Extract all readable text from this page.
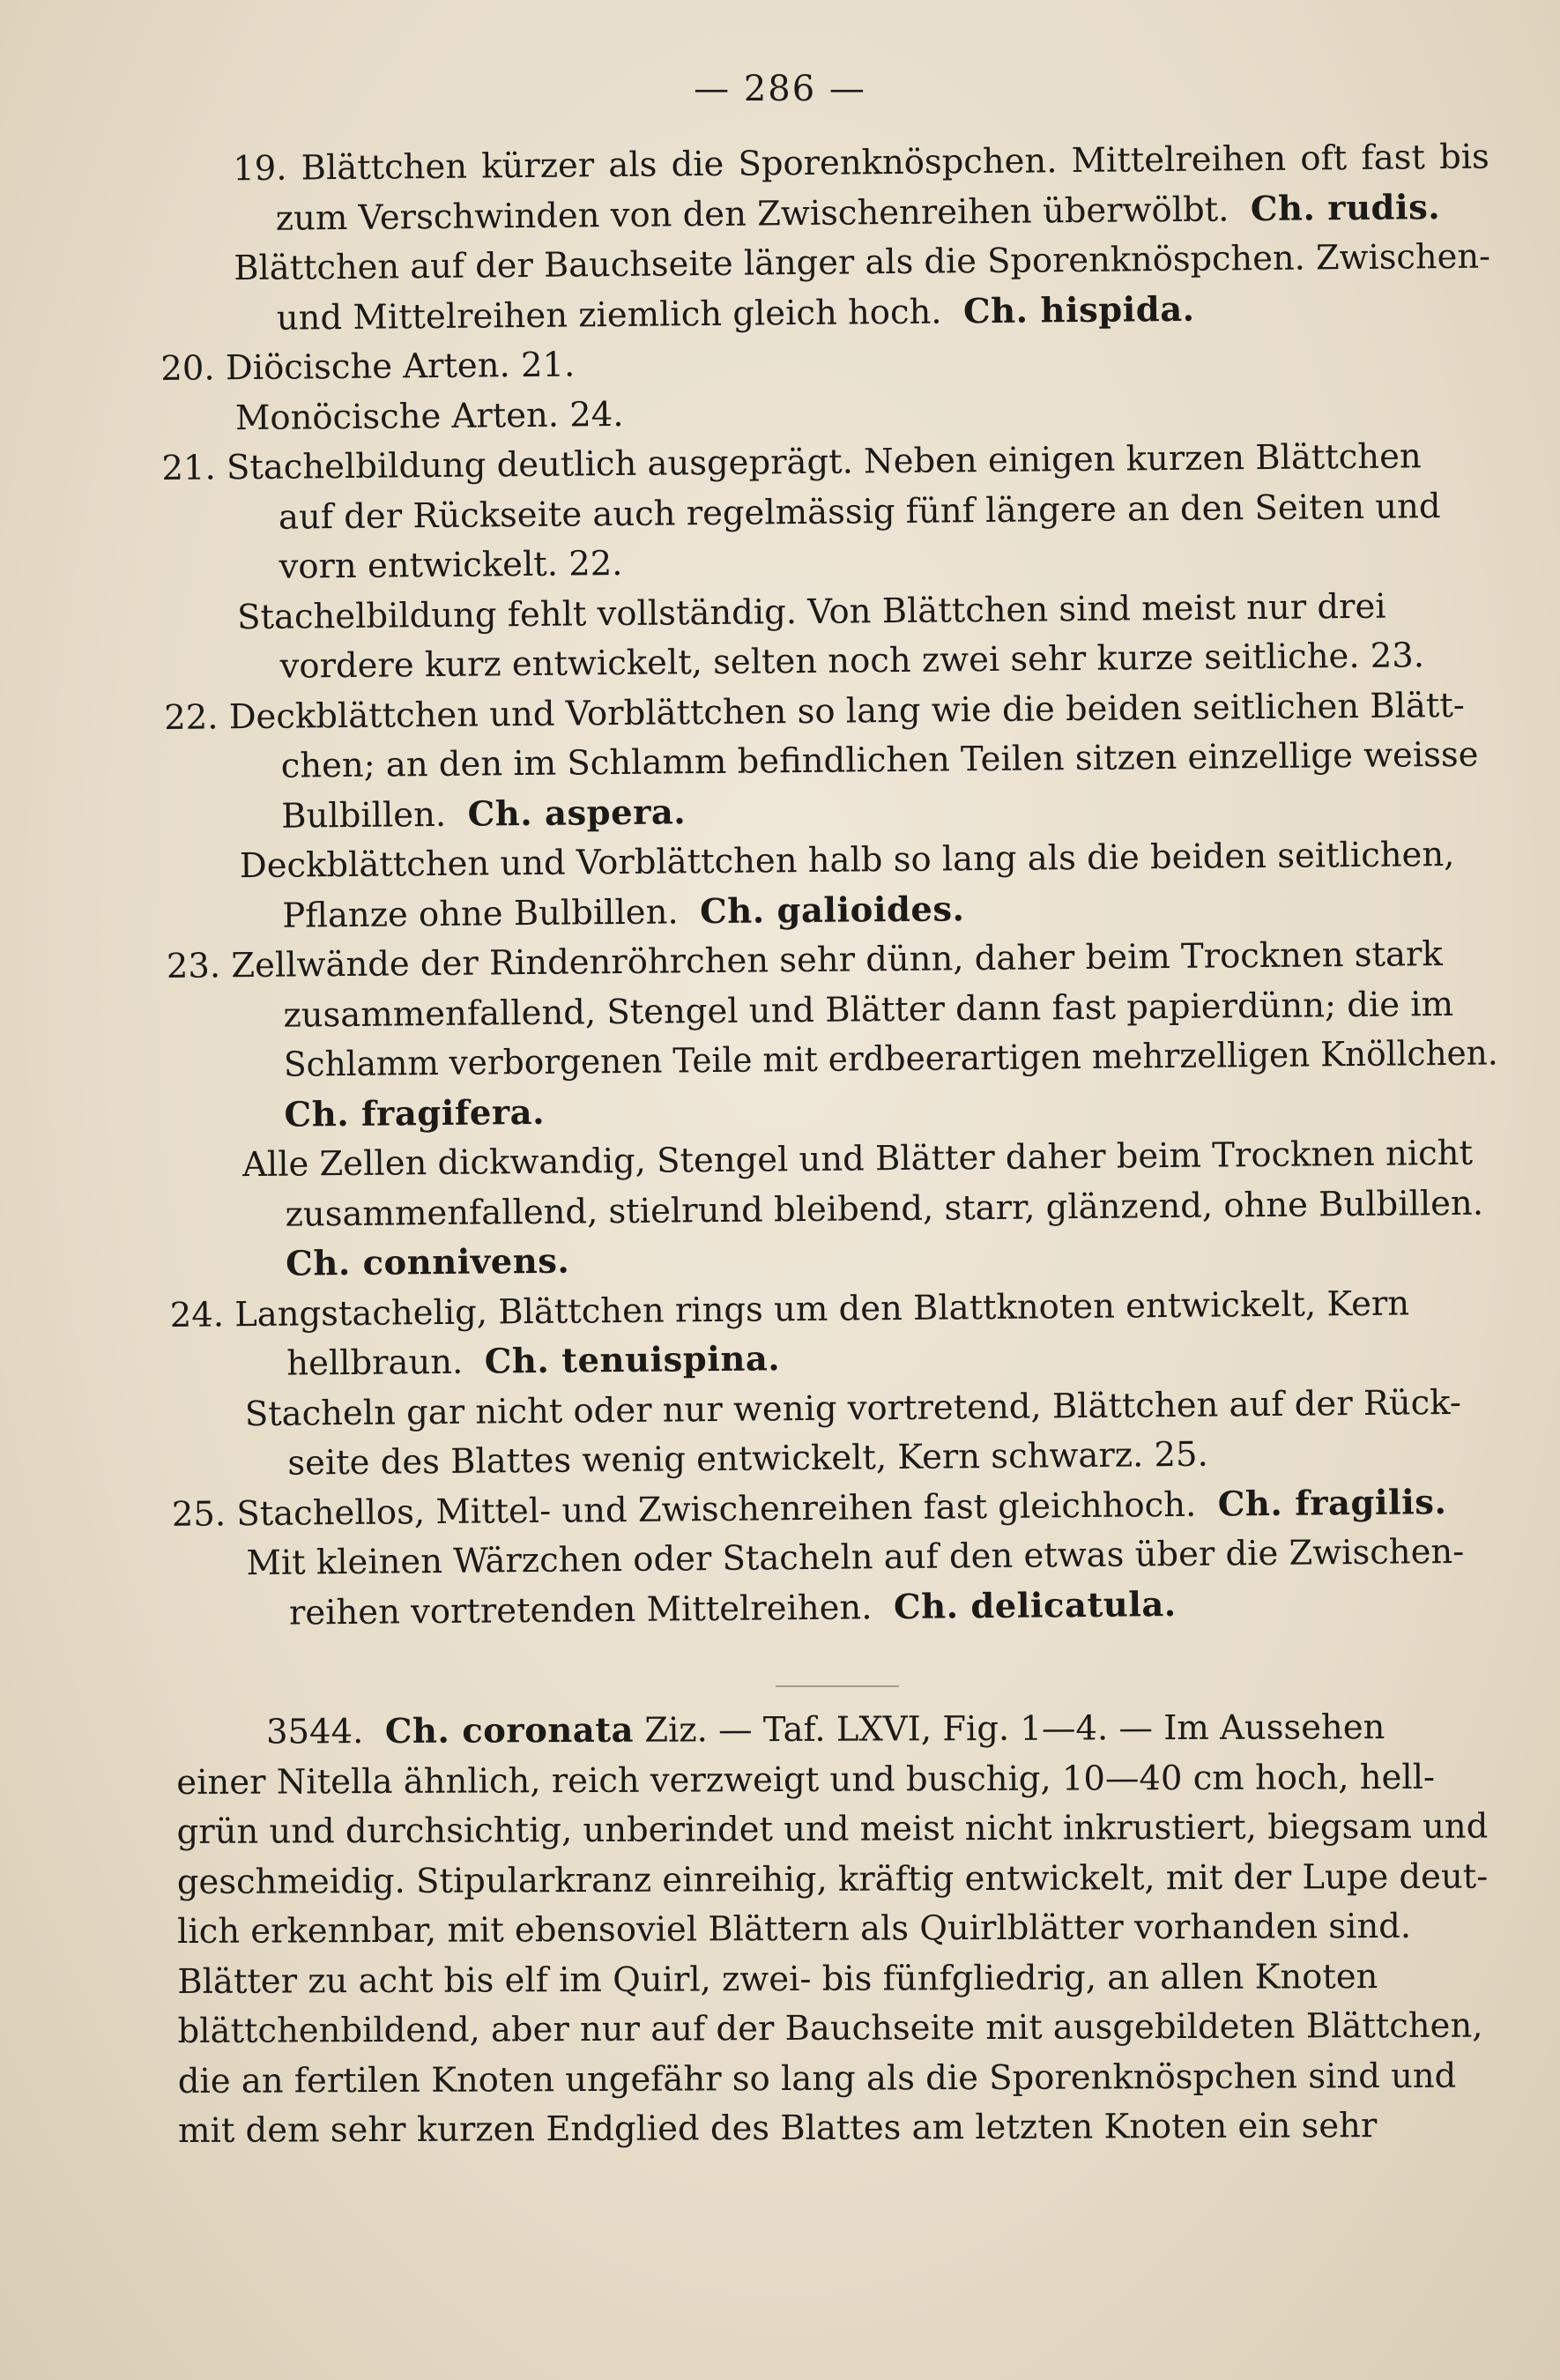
— 286 —
19. Blättchen kürzer als die Sporenknöspchen. Mittelreihen oft fast bis
zum Verschwinden von den Zwischenreihen überwölbt. Ch. rudis.
Blättchen auf der Bauchseite länger als die Sporenknöspchen. Zwischen-
und Mittelreihen ziemlich gleich hoch. Ch. hispida.
20. Diöcische Arten. 21.
Monöcische Arten. 24.
21. Stachelbildung deutlich ausgeprägt. Neben einigen kurzen Blättchen
auf der Rückseite auch regelmässig fünf längere an den Seiten und
vorn entwickelt. 22.
Stachelbildung fehlt vollständig. Von Blättchen sind meist nur drei
vordere kurz entwickelt, selten noch zwei sehr kurze seitliche. 23.
22. Deckblättchen und Vorblättchen so lang wie die beiden seitlichen Blätt-
chen; an den im Schlamm befindlichen Teilen sitzen einzellige weisse
Bulbillen. Ch. aspera.
Deckblättchen und Vorblättchen halb so lang als die beiden seitlichen,
Pflanze ohne Bulbillen. Ch. galioides.
23. Zellwände der Rindenröhrchen sehr dünn, daher beim Trocknen stark
zusammenfallend, Stengel und Blätter dann fast papierdünn; die im
Schlamm verborgenen Teile mit erdbeerartigen mehrzelligen Knöllchen.
Ch. fragifera.
Alle Zellen dickwandig, Stengel und Blätter daher beim Trocknen nicht
zusammenfallend, stielrund bleibend, starr, glänzend, ohne Bulbillen.
Ch. connivens.
24. Langstachelig, Blättchen rings um den Blattknoten entwickelt, Kern
hellbraun. Ch. tenuispina.
Stacheln gar nicht oder nur wenig vortretend, Blättchen auf der Rück-
seite des Blattes wenig entwickelt, Kern schwarz. 25.
25. Stachellos, Mittel- und Zwischenreihen fast gleichhoch. Ch. fragilis.
Mit kleinen Wärzchen oder Stacheln auf den etwas über die Zwischen-
reihen vortretenden Mittelreihen. Ch. delicatula.
3544. Ch. coronata Ziz. — Taf. LXVI, Fig. 1—4. — Im Aussehen
einer Nitella ähnlich, reich verzweigt und buschig, 10—40 cm hoch, hell-
grün und durchsichtig, unberindet und meist nicht inkrustiert, biegsam und
geschmeidig. Stipularkranz einreihig, kräftig entwickelt, mit der Lupe deut-
lich erkennbar, mit ebensoviel Blättern als Quirlblätter vorhanden sind.
Blätter zu acht bis elf im Quirl, zwei- bis fünfgliedrig, an allen Knoten
blättchenbildend, aber nur auf der Bauchseite mit ausgebildeten Blättchen,
die an fertilen Knoten ungefähr so lang als die Sporenknöspchen sind und
mit dem sehr kurzen Endglied des Blattes am letzten Knoten ein sehr
